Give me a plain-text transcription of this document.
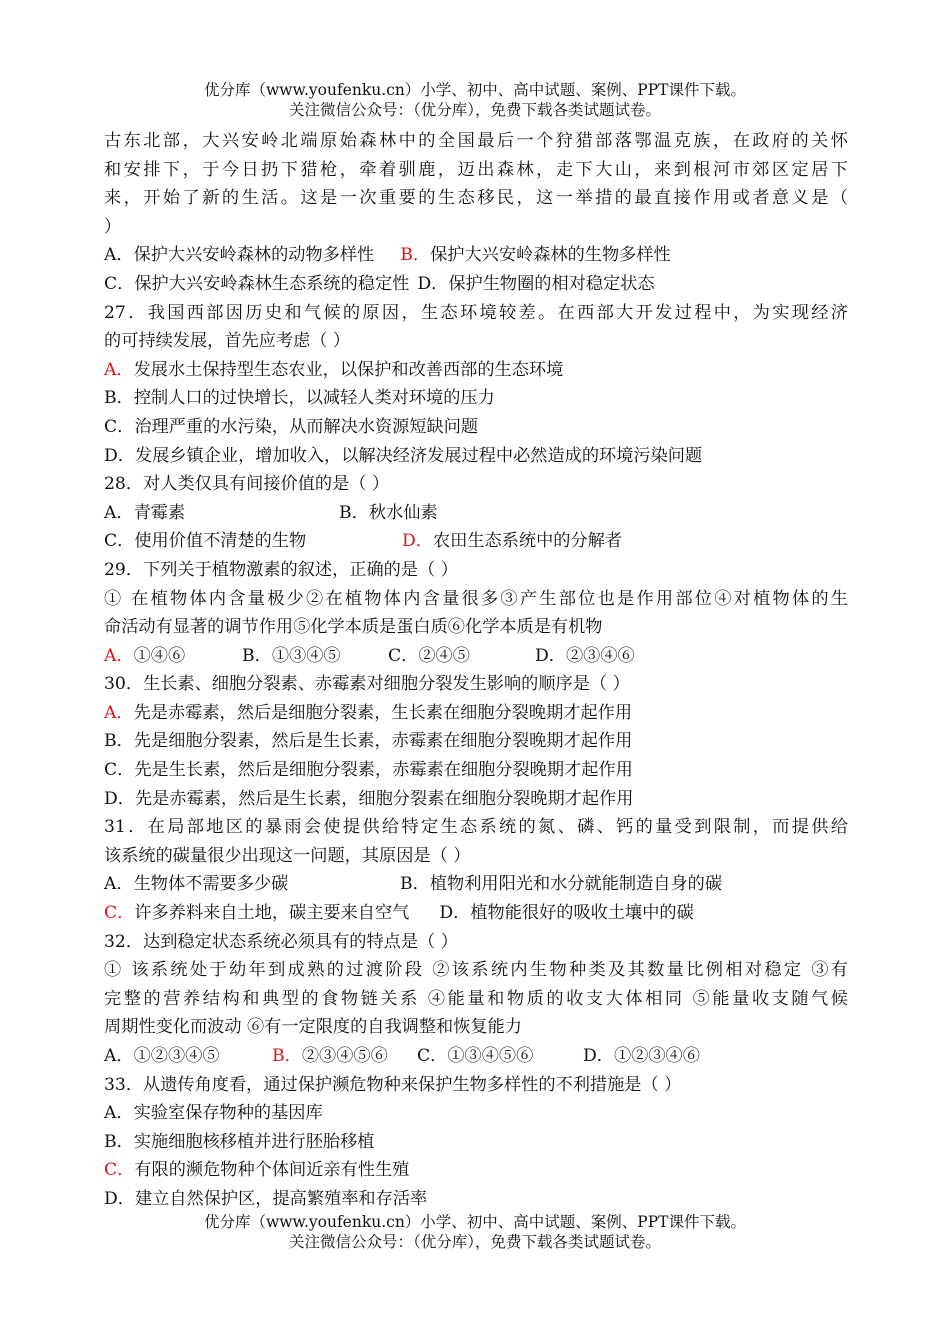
优分库（www.youfenku.cn）小学、初中、高中试题、案例、PPT课件下载。
关注微信公众号：（优分库），免费下载各类试题试卷。
古东北部，大兴安岭北端原始森林中的全国最后一个狩猎部落鄂温克族，在政府的关怀
和安排下，于今日扔下猎枪，牵着驯鹿，迈出森林，走下大山，来到根河市郊区定居下
来，开始了新的生活。这是一次重要的生态移民，这一举措的最直接作用或者意义是（
）
A．保护大兴安岭森林的动物多样性 B．保护大兴安岭森林的生物多样性
C．保护大兴安岭森林生态系统的稳定性 D．保护生物圈的相对稳定状态
27．我国西部因历史和气候的原因，生态环境较差。在西部大开发过程中，为实现经济
的可持续发展，首先应考虑（ ）
A．发展水土保持型生态农业，以保护和改善西部的生态环境
B．控制人口的过快增长，以减轻人类对环境的压力
C．治理严重的水污染，从而解决水资源短缺问题
D．发展乡镇企业，增加收入，以解决经济发展过程中必然造成的环境污染问题
28．对人类仅具有间接价值的是（ ）
A．青霉素	B．秋水仙素
C．使用价值不清楚的生物	D．农田生态系统中的分解者
29．下列关于植物激素的叙述，正确的是（ ）
① 在植物体内含量极少②在植物体内含量很多③产生部位也是作用部位④对植物体的生
命活动有显著的调节作用⑤化学本质是蛋白质⑥化学本质是有机物
A．①④⑥	B．①③④⑤	C．②④⑤	D．②③④⑥
30．生长素、细胞分裂素、赤霉素对细胞分裂发生影响的顺序是（ ）
A．先是赤霉素，然后是细胞分裂素，生长素在细胞分裂晚期才起作用
B．先是细胞分裂素，然后是生长素，赤霉素在细胞分裂晚期才起作用
C．先是生长素，然后是细胞分裂素，赤霉素在细胞分裂晚期才起作用
D．先是赤霉素，然后是生长素，细胞分裂素在细胞分裂晚期才起作用
31．在局部地区的暴雨会使提供给特定生态系统的氮、磷、钙的量受到限制，而提供给
该系统的碳量很少出现这一问题，其原因是（ ）
A．生物体不需要多少碳	B．植物利用阳光和水分就能制造自身的碳
C．许多养料来自土地，碳主要来自空气 D．植物能很好的吸收土壤中的碳
32．达到稳定状态系统必须具有的特点是（ ）
① 该系统处于幼年到成熟的过渡阶段 ②该系统内生物种类及其数量比例相对稳定 ③有
完整的营养结构和典型的食物链关系 ④能量和物质的收支大体相同 ⑤能量收支随气候
周期性变化而波动 ⑥有一定限度的自我调整和恢复能力
A．①②③④⑤	B．②③④⑤⑥ C．①③④⑤⑥	D．①②③④⑥
33．从遗传角度看，通过保护濒危物种来保护生物多样性的不利措施是（ ）
A．实验室保存物种的基因库
B．实施细胞核移植并进行胚胎移植
C．有限的濒危物种个体间近亲有性生殖
D．建立自然保护区，提高繁殖率和存活率
优分库（www.youfenku.cn）小学、初中、高中试题、案例、PPT课件下载。
关注微信公众号：（优分库），免费下载各类试题试卷。
